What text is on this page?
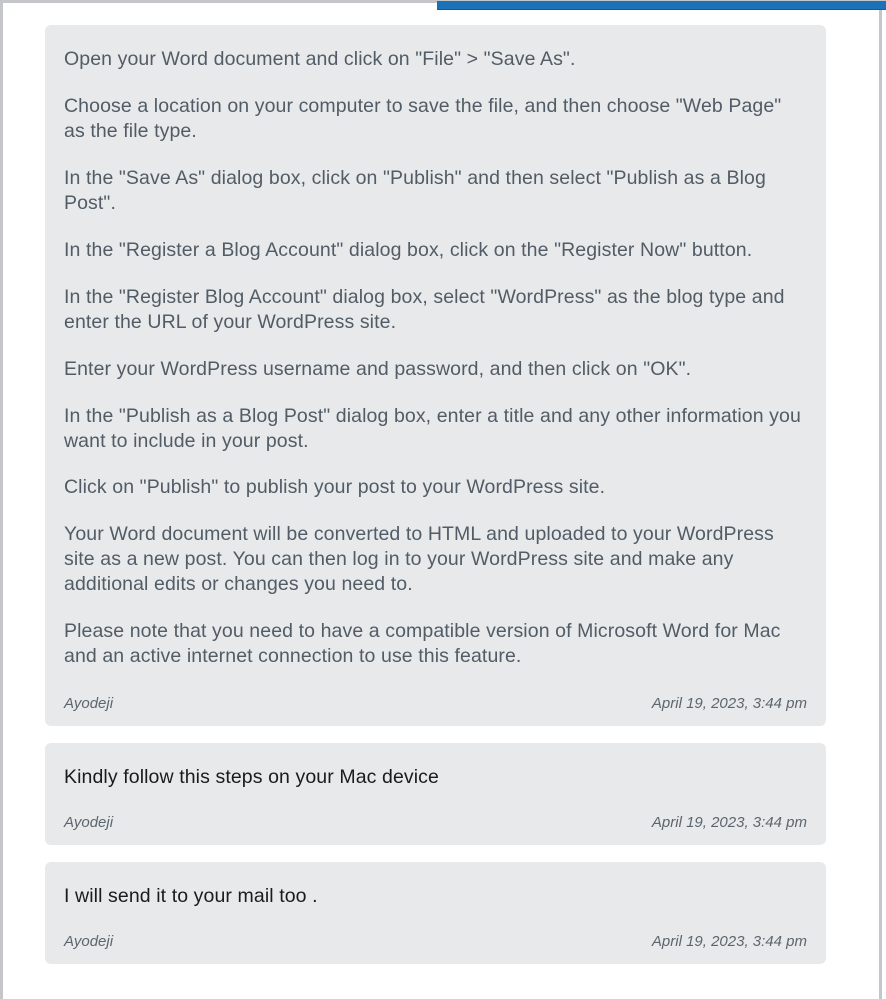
Open your Word document and click on "File" > "Save As".

Choose a location on your computer to save the file, and then choose "Web Page" as the file type.

In the "Save As" dialog box, click on "Publish" and then select "Publish as a Blog Post".

In the "Register a Blog Account" dialog box, click on the "Register Now" button.

In the "Register Blog Account" dialog box, select "WordPress" as the blog type and enter the URL of your WordPress site.

Enter your WordPress username and password, and then click on "OK".

In the "Publish as a Blog Post" dialog box, enter a title and any other information you want to include in your post.

Click on "Publish" to publish your post to your WordPress site.

Your Word document will be converted to HTML and uploaded to your WordPress site as a new post. You can then log in to your WordPress site and make any additional edits or changes you need to.

Please note that you need to have a compatible version of Microsoft Word for Mac and an active internet connection to use this feature.

Ayodeji	April 19, 2023, 3:44 pm

Kindly follow this steps on your Mac device

Ayodeji	April 19, 2023, 3:44 pm

I will send it to your mail too .

Ayodeji	April 19, 2023, 3:44 pm
